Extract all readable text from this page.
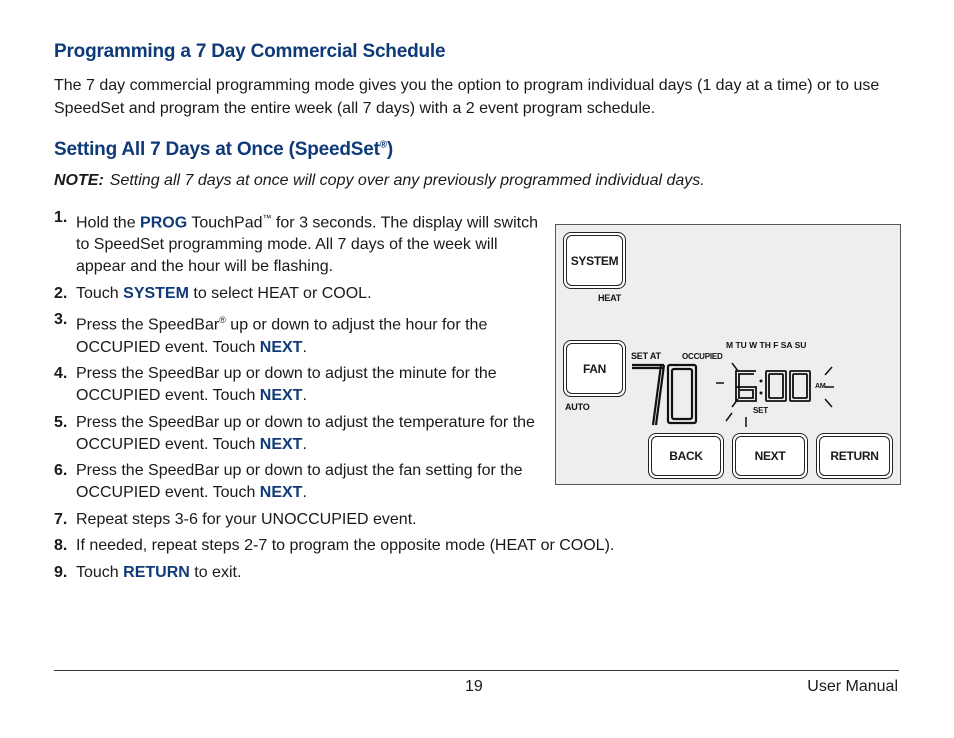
Programming a 7 Day Commercial Schedule

The 7 day commercial programming mode gives you the option to program individual days (1 day at a time) or to use SpeedSet and program the entire week (all 7 days) with a 2 event program schedule.

Setting All 7 Days at Once (SpeedSet®)
NOTE: Setting all 7 days at once will copy over any previously programmed individual days.
1. Hold the PROG TouchPad™ for 3 seconds. The display will switch to SpeedSet programming mode. All 7 days of the week will appear and the hour will be flashing.
2. Touch SYSTEM to select HEAT or COOL.
3. Press the SpeedBar® up or down to adjust the hour for the OCCUPIED event. Touch NEXT.
4. Press the SpeedBar up or down to adjust the minute for the OCCUPIED event. Touch NEXT.
5. Press the SpeedBar up or down to adjust the temperature for the OCCUPIED event. Touch NEXT.
6. Press the SpeedBar up or down to adjust the fan setting for the OCCUPIED event. Touch NEXT.
7. Repeat steps 3-6 for your UNOCCUPIED event.
8. If needed, repeat steps 2-7 to program the opposite mode (HEAT or COOL).
9. Touch RETURN to exit.
SYSTEM
HEAT
FAN
AUTO
SET AT	OCCUPIED
M TU W TH F SA SU
AM
SET
BACK	NEXT	RETURN
19	User Manual
